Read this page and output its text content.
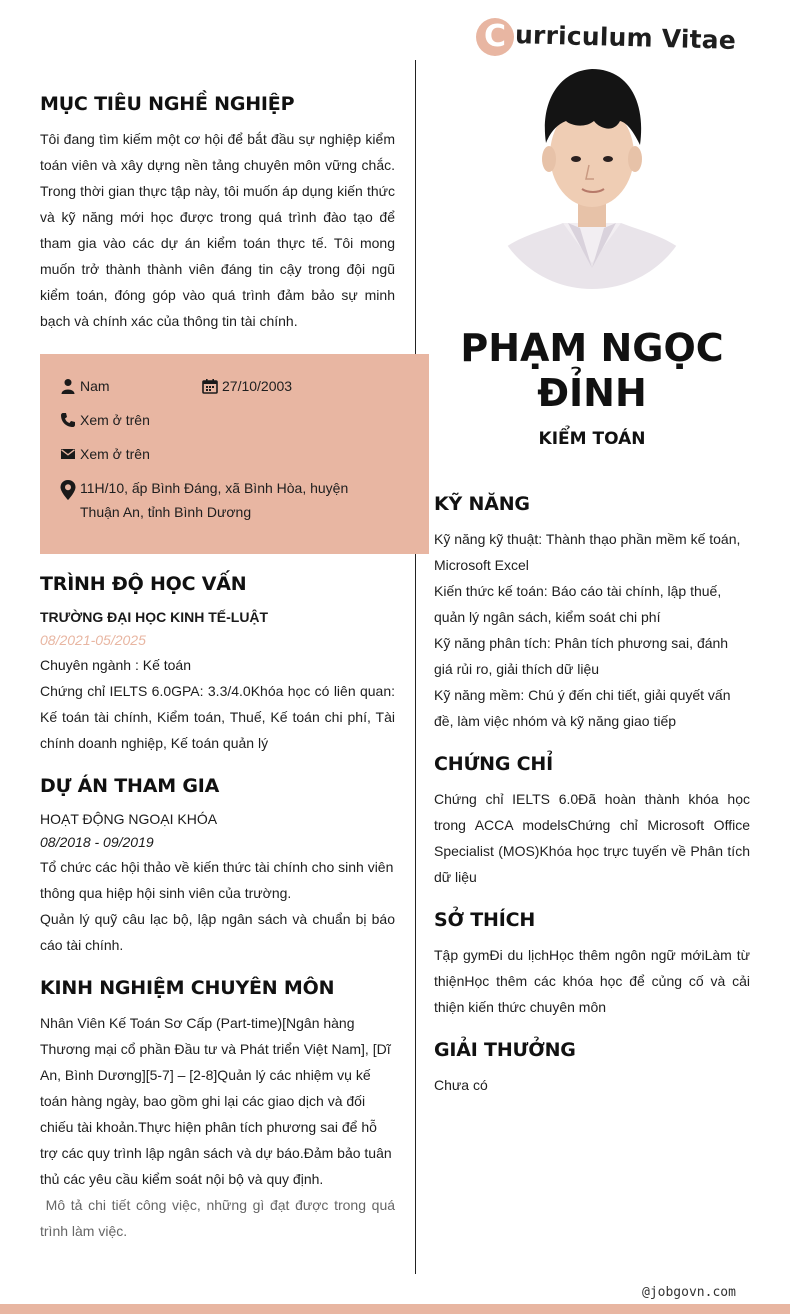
C urriculum Vitae
MỤC TIÊU NGHỀ NGHIỆP
Tôi đang tìm kiếm một cơ hội để bắt đầu sự nghiệp kiểm toán viên và xây dựng nền tảng chuyên môn vững chắc. Trong thời gian thực tập này, tôi muốn áp dụng kiến thức và kỹ năng mới học được trong quá trình đào tạo để tham gia vào các dự án kiểm toán thực tế. Tôi mong muốn trở thành thành viên đáng tin cậy trong đội ngũ kiểm toán, đóng góp vào quá trình đảm bảo sự minh bạch và chính xác của thông tin tài chính.
Nam	27/10/2003
Xem ở trên
Xem ở trên
11H/10, ấp Bình Đáng, xã Bình Hòa, huyện Thuận An, tỉnh Bình Dương
TRÌNH ĐỘ HỌC VẤN
TRƯỜNG ĐẠI HỌC KINH TẾ-LUẬT
08/2021-05/2025
Chuyên ngành : Kế toán
Chứng chỉ IELTS 6.0GPA: 3.3/4.0Khóa học có liên quan: Kế toán tài chính, Kiểm toán, Thuế, Kế toán chi phí, Tài chính doanh nghiệp, Kế toán quản lý
DỰ ÁN THAM GIA
HOẠT ĐỘNG NGOẠI KHÓA
08/2018 - 09/2019
Tổ chức các hội thảo về kiến thức tài chính cho sinh viên thông qua hiệp hội sinh viên của trường.
Quản lý quỹ câu lạc bộ, lập ngân sách và chuẩn bị báo cáo tài chính.
KINH NGHIỆM CHUYÊN MÔN
Nhân Viên Kế Toán Sơ Cấp (Part-time)[Ngân hàng Thương mại cổ phần Đầu tư và Phát triển Việt Nam], [Dĩ An, Bình Dương][5-7] – [2-8]Quản lý các nhiệm vụ kế toán hàng ngày, bao gồm ghi lại các giao dịch và đối chiếu tài khoản.Thực hiện phân tích phương sai để hỗ trợ các quy trình lập ngân sách và dự báo.Đảm bảo tuân thủ các yêu cầu kiểm soát nội bộ và quy định.
Mô tả chi tiết công việc, những gì đạt được trong quá trình làm việc.
PHẠM NGỌC ĐỈNH
KIỂM TOÁN
KỸ NĂNG
Kỹ năng kỹ thuật: Thành thạo phần mềm kế toán, Microsoft Excel
Kiến thức kế toán: Báo cáo tài chính, lập thuế, quản lý ngân sách, kiểm soát chi phí
Kỹ năng phân tích: Phân tích phương sai, đánh giá rủi ro, giải thích dữ liệu
Kỹ năng mềm: Chú ý đến chi tiết, giải quyết vấn đề, làm việc nhóm và kỹ năng giao tiếp
CHỨNG CHỈ
Chứng chỉ IELTS 6.0Đã hoàn thành khóa học trong ACCA modelsChứng chỉ Microsoft Office Specialist (MOS)Khóa học trực tuyến về Phân tích dữ liệu
SỞ THÍCH
Tập gymĐi du lịchHọc thêm ngôn ngữ mớiLàm từ thiệnHọc thêm các khóa học để củng cố và cải thiện kiến thức chuyên môn
GIẢI THƯỞNG
Chưa có
@jobgovn.com
